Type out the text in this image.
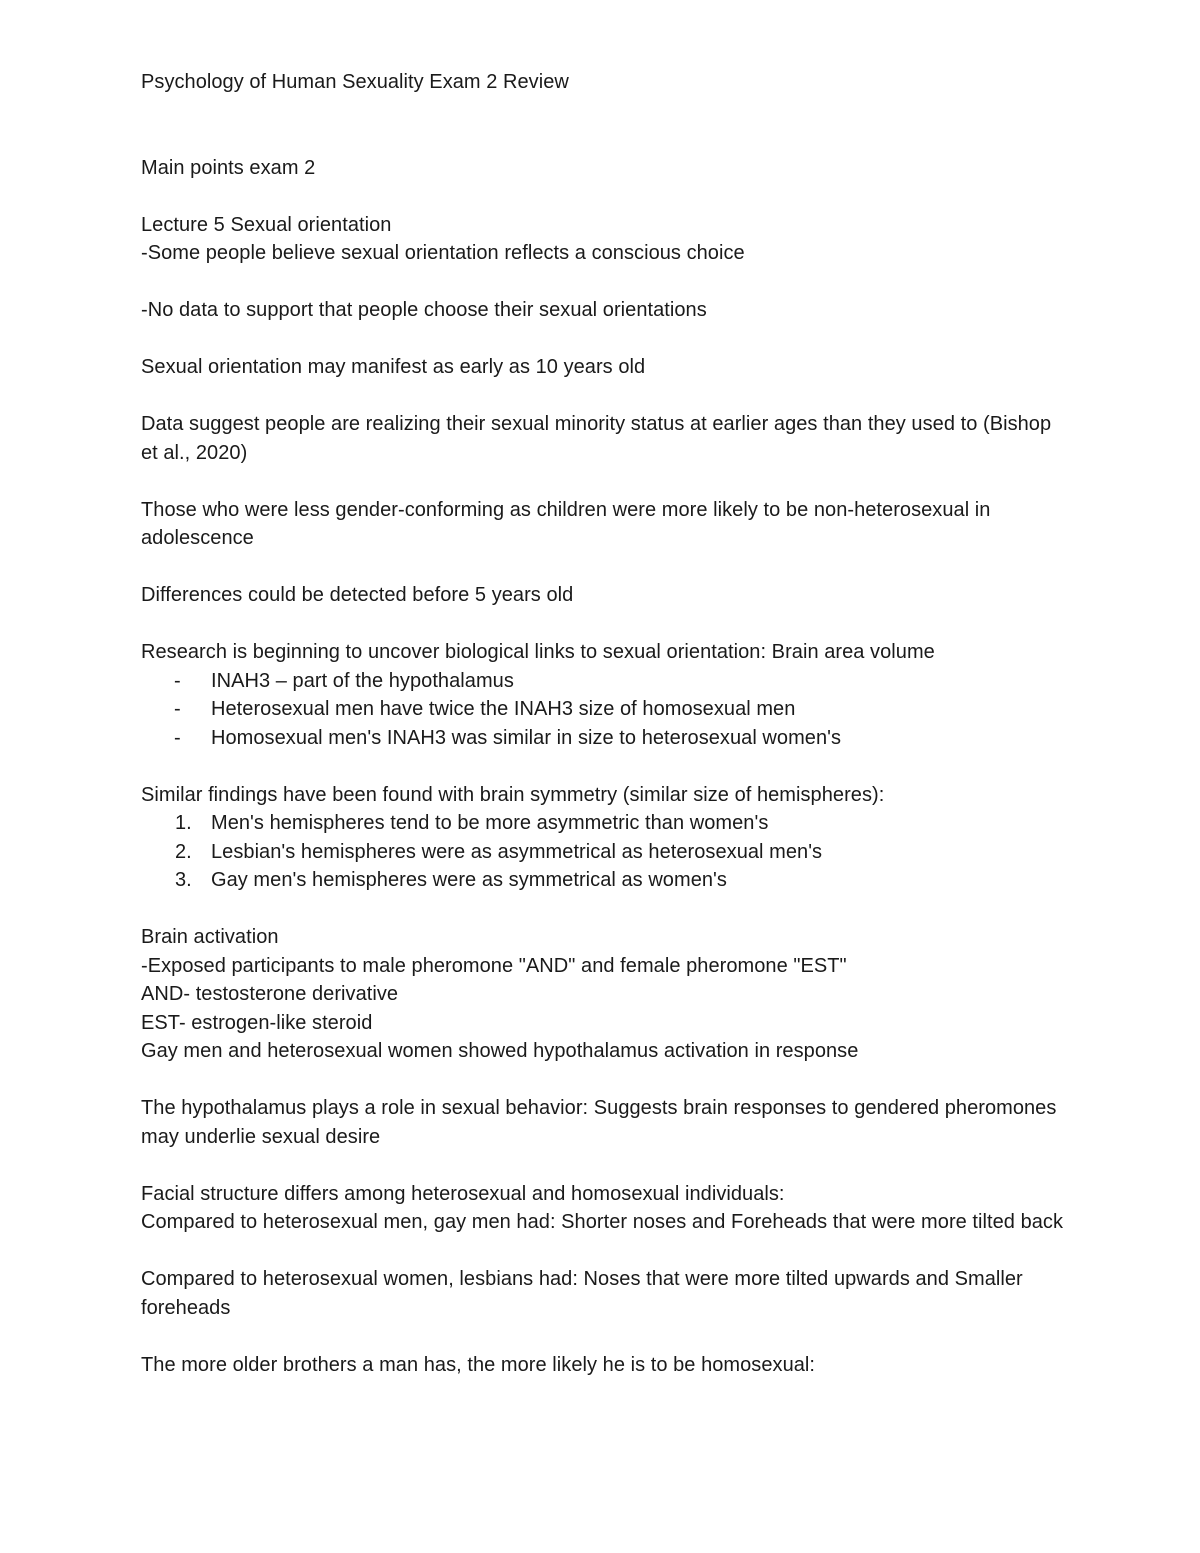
Psychology of Human Sexuality Exam 2 Review

Main points exam 2

Lecture 5 Sexual orientation

-Some people believe sexual orientation reflects a conscious choice

-No data to support that people choose their sexual orientations

Sexual orientation may manifest as early as 10 years old

Data suggest people are realizing their sexual minority status at earlier ages than they used to (Bishop et al., 2020)

Those who were less gender-conforming as children were more likely to be non-heterosexual in adolescence

Differences could be detected before 5 years old

Research is beginning to uncover biological links to sexual orientation: Brain area volume

- INAH3 – part of the hypothalamus
- Heterosexual men have twice the INAH3 size of homosexual men
- Homosexual men's INAH3 was similar in size to heterosexual women's

Similar findings have been found with brain symmetry (similar size of hemispheres):

1. Men's hemispheres tend to be more asymmetric than women's
2. Lesbian's hemispheres were as asymmetrical as heterosexual men's
3. Gay men's hemispheres were as symmetrical as women's

Brain activation

-Exposed participants to male pheromone "AND" and female pheromone "EST"

AND- testosterone derivative

EST- estrogen-like steroid

Gay men and heterosexual women showed hypothalamus activation in response

The hypothalamus plays a role in sexual behavior: Suggests brain responses to gendered pheromones may underlie sexual desire

Facial structure differs among heterosexual and homosexual individuals:

Compared to heterosexual men, gay men had: Shorter noses and Foreheads that were more tilted back

Compared to heterosexual women, lesbians had: Noses that were more tilted upwards and Smaller foreheads

The more older brothers a man has, the more likely he is to be homosexual:
